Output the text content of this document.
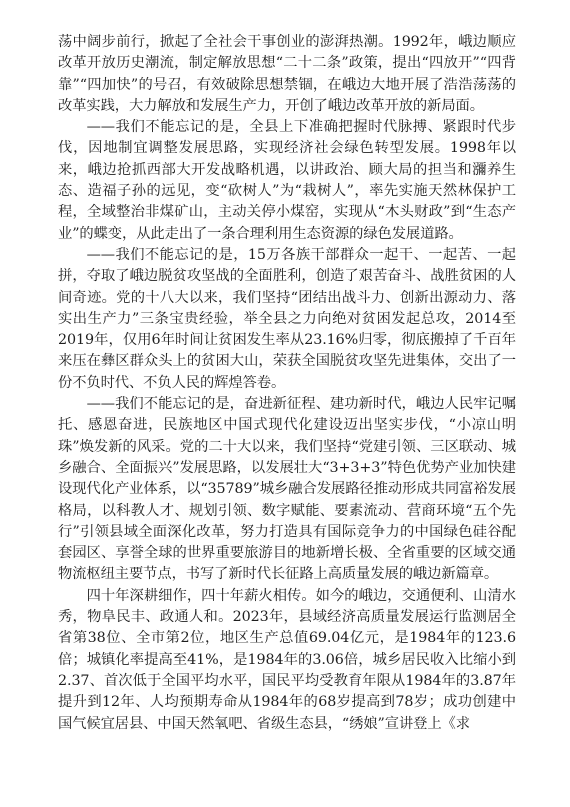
荡中阔步前行，掀起了全社会干事创业的澎湃热潮。1992年，峨边顺应改革开放历史潮流，制定解放思想“二十二条”政策，提出“四放开”“四背靠”“四加快”的号召，有效破除思想禁锢，在峨边大地开展了浩浩荡荡的改革实践，大力解放和发展生产力，开创了峨边改革开放的新局面。

——我们不能忘记的是，全县上下准确把握时代脉搏、紧跟时代步伐，因地制宜调整发展思路，实现经济社会绿色转型发展。1998年以来，峨边抢抓西部大开发战略机遇，以讲政治、顾大局的担当和瀰养生态、造福子孙的远见，变“砍树人”为“栽树人”，率先实施天然林保护工程，全域整治非煤矿山，主动关停小煤窑，实现从“木头财政”到“生态产业”的蝶变，从此走出了一条合理利用生态资源的绿色发展道路。

——我们不能忘记的是，15万各族干部群众一起干、一起苦、一起拼，夺取了峨边脱贫攻坚战的全面胜利，创造了艰苦奋斗、战胜贫困的人间奇迹。党的十八大以来，我们坚持“团结出战斗力、创新出源动力、落实出生产力”三条宝贵经验，举全县之力向绝对贫困发起总攻，2014至2019年，仅用6年时间让贫困发生率从23.16%归零，彻底搬掉了千百年来压在彝区群众头上的贫困大山，荣获全国脱贫攻坚先进集体，交出了一份不负时代、不负人民的辉煌答卷。

——我们不能忘记的是，奋进新征程、建功新时代，峨边人民牢记嘱托、感恩奋进，民族地区中国式现代化建设迈出坚实步伐，“小凉山明珠”焕发新的风采。党的二十大以来，我们坚持“党建引领、三区联动、城乡融合、全面振兴”发展思路，以发展壮大“3+3+3”特色优势产业加快建设现代化产业体系，以“35789”城乡融合发展路径推动形成共同富裕发展格局，以科教人才、规划引领、数字赋能、要素流动、营商环境“五个先行”引领县域全面深化改革，努力打造具有国际竞争力的中国绿色硅谷配套园区、享誉全球的世界重要旅游目的地新增长极、全省重要的区域交通物流枢纽主要节点，书写了新时代长征路上高质量发展的峨边新篇章。

四十年深耕细作，四十年薪火相传。如今的峨边，交通便利、山清水秀，物阜民丰、政通人和。2023年，县域经济高质量发展运行监测居全省第38位、全市第2位，地区生产总值69.04亿元，是1984年的123.6倍；城镇化率提高至41%，是1984年的3.06倍，城乡居民收入比缩小到2.37、首次低于全国平均水平，国民平均受教育年限从1984年的3.87年提升到12年、人均预期寿命从1984年的68岁提高到78岁；成功创建中国气候宜居县、中国天然氧吧、省级生态县，“绣娘”宣讲登上《求
